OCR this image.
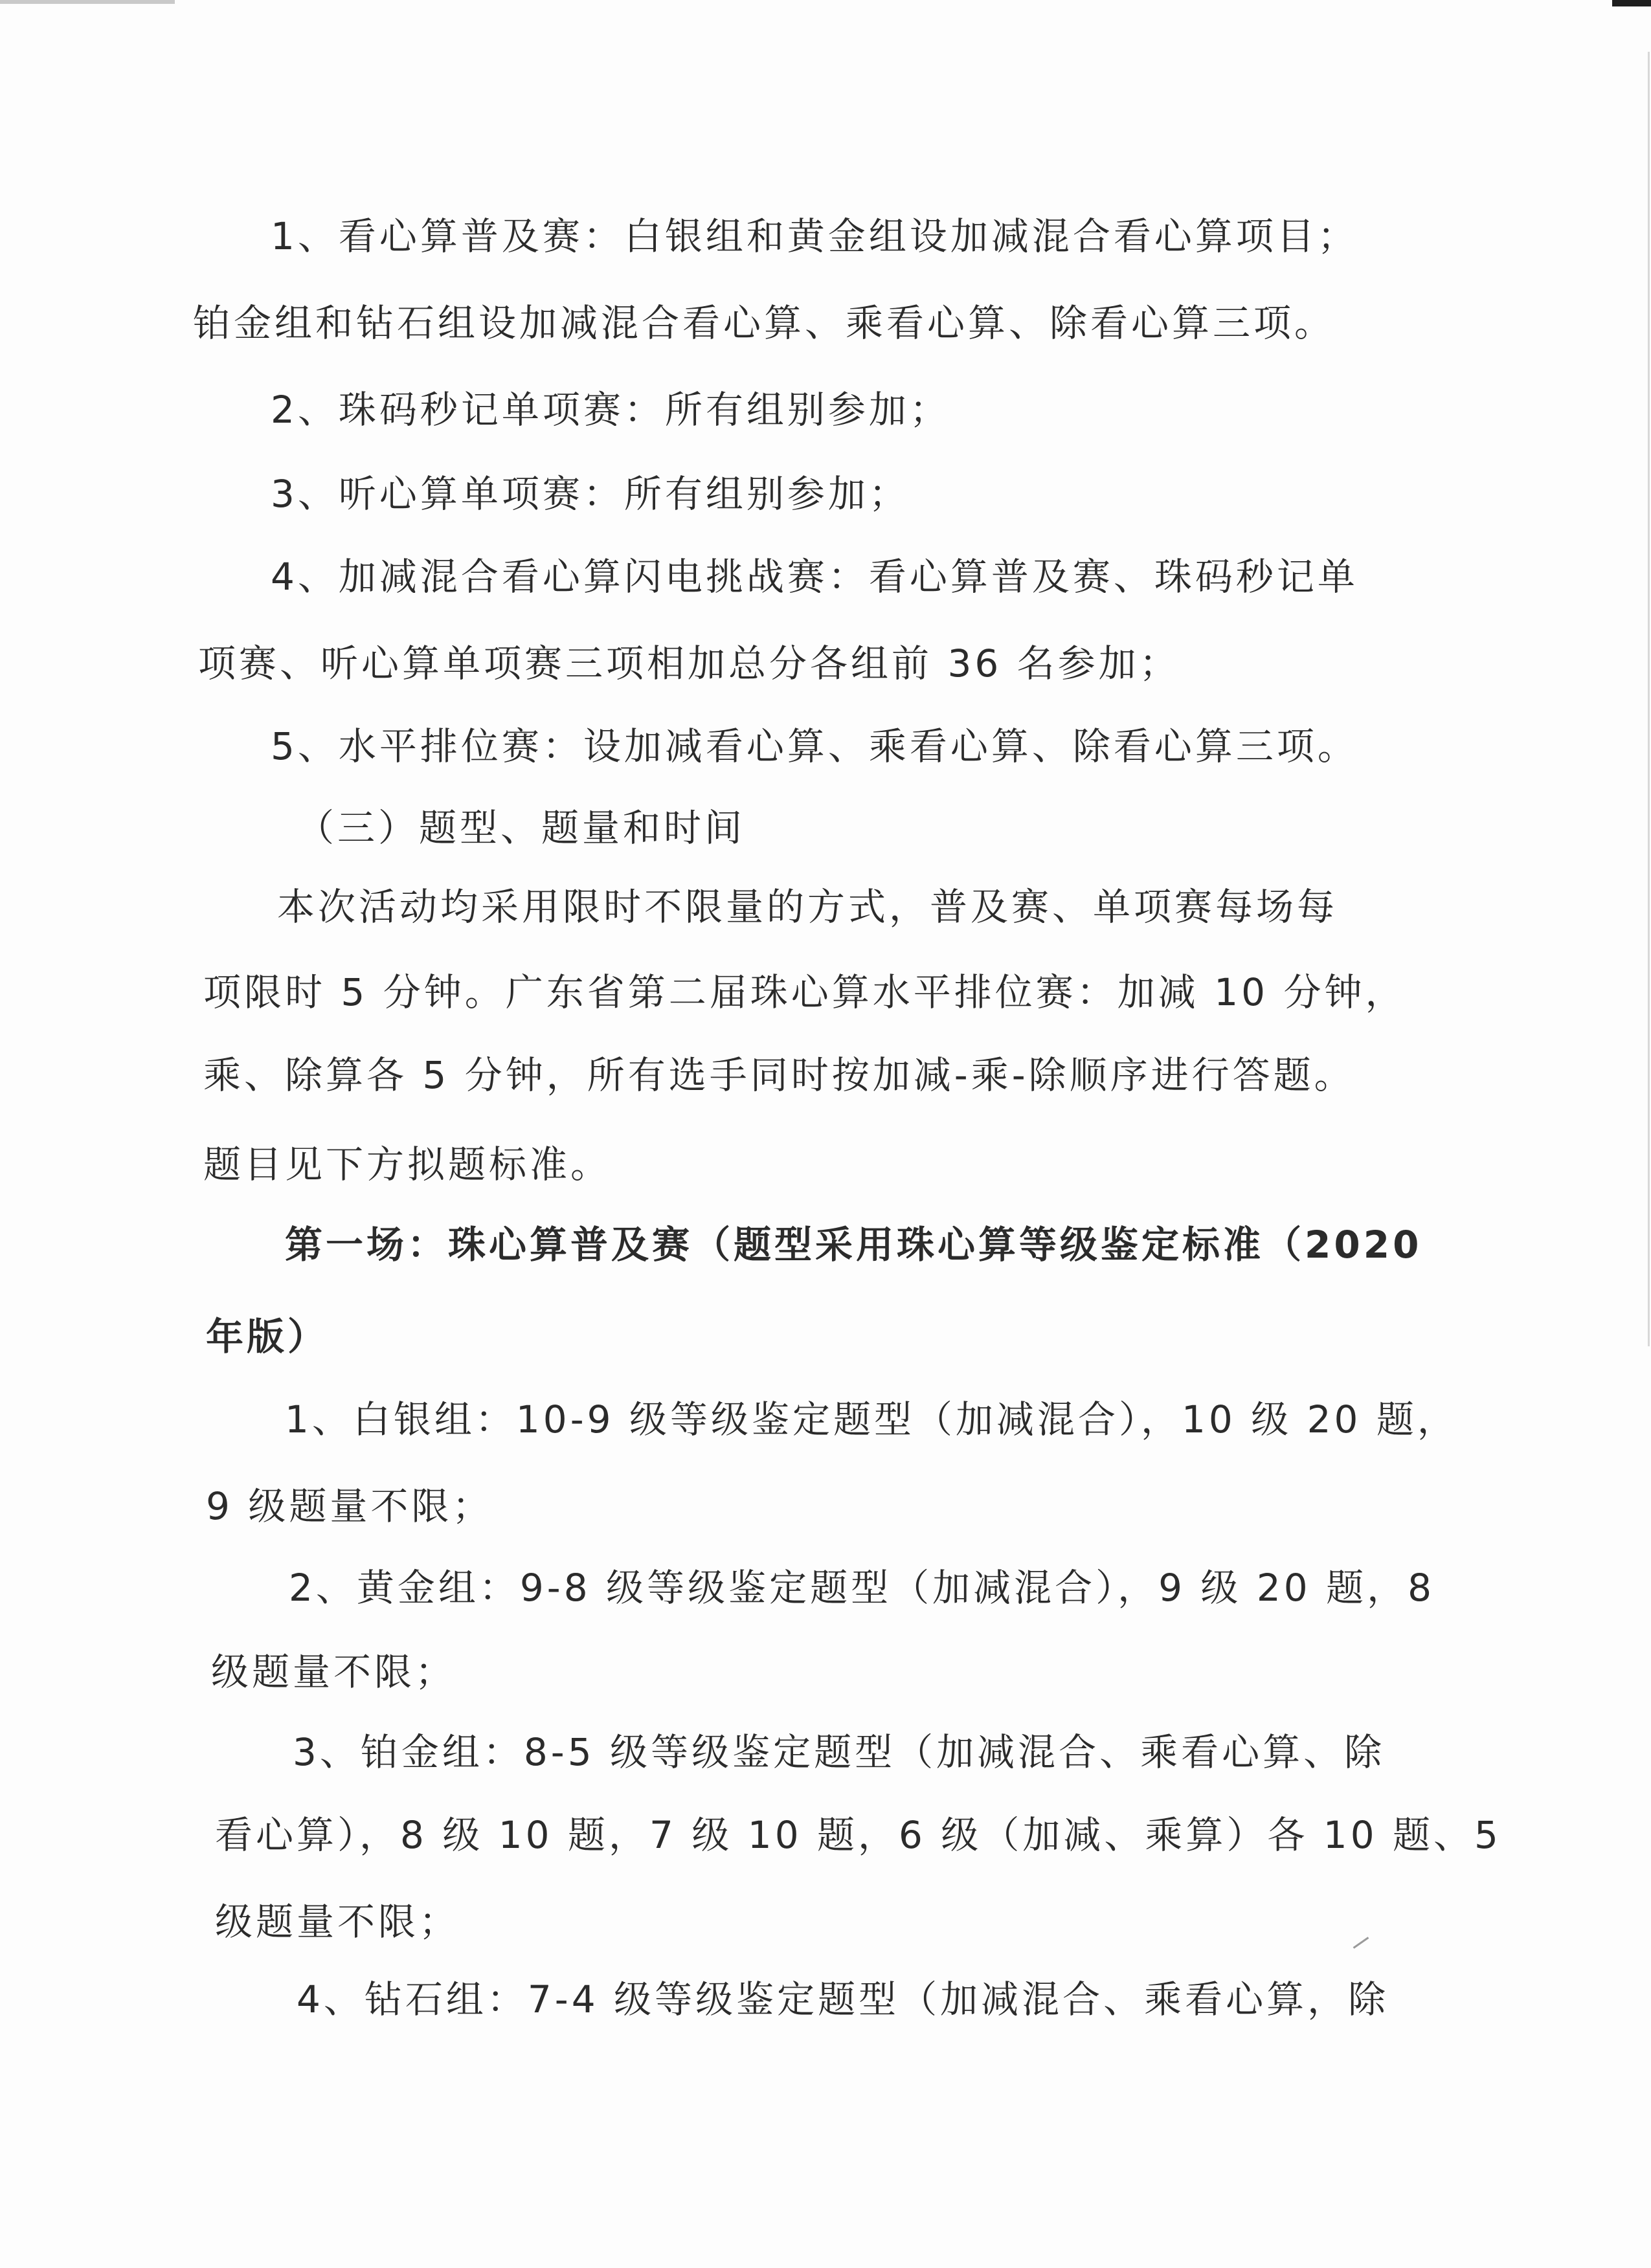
1、看心算普及赛：白银组和黄金组设加减混合看心算项目；
铂金组和钻石组设加减混合看心算、乘看心算、除看心算三项。
2、珠码秒记单项赛：所有组别参加；
3、听心算单项赛：所有组别参加；
4、加减混合看心算闪电挑战赛：看心算普及赛、珠码秒记单
项赛、听心算单项赛三项相加总分各组前 36 名参加；
5、水平排位赛：设加减看心算、乘看心算、除看心算三项。
（三）题型、题量和时间
本次活动均采用限时不限量的方式，普及赛、单项赛每场每
项限时 5 分钟。广东省第二届珠心算水平排位赛：加减 10 分钟，
乘、除算各 5 分钟，所有选手同时按加减-乘-除顺序进行答题。
题目见下方拟题标准。
第一场：珠心算普及赛（题型采用珠心算等级鉴定标准（2020
年版）
1、白银组：10-9 级等级鉴定题型（加减混合），10 级 20 题，
9 级题量不限；
2、黄金组：9-8 级等级鉴定题型（加减混合），9 级 20 题，8
级题量不限；
3、铂金组：8-5 级等级鉴定题型（加减混合、乘看心算、除
看心算），8 级 10 题，7 级 10 题，6 级（加减、乘算）各 10 题、5
级题量不限；
4、钻石组：7-4 级等级鉴定题型（加减混合、乘看心算，除
